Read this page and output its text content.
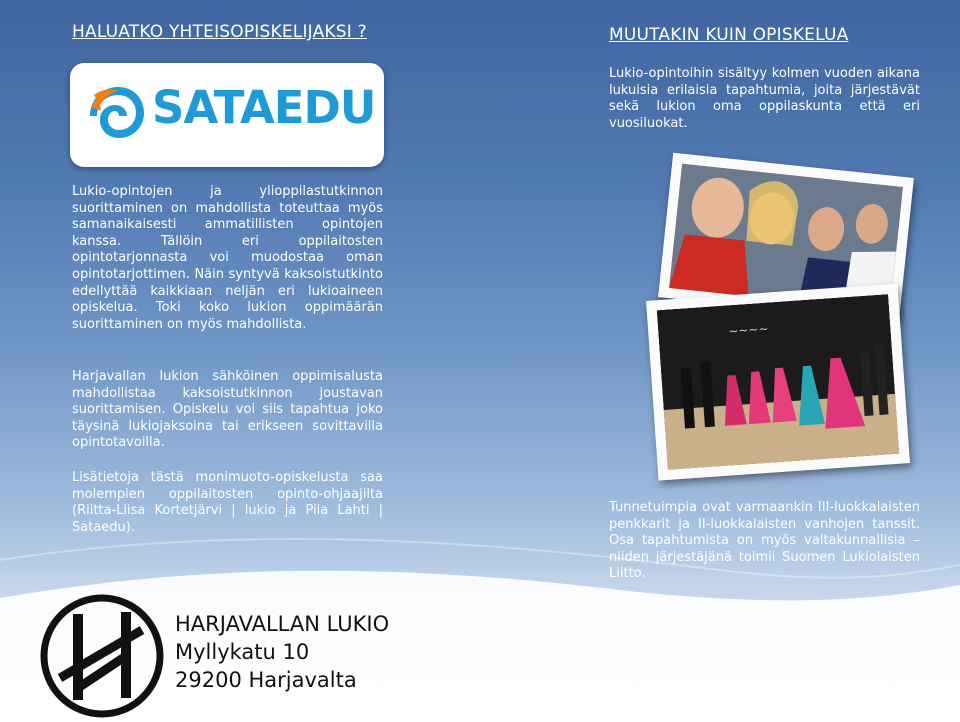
HALUATKO YHTEISOPISKELIJAKSI ?
SATAEDU

Lukio-opintojen ja ylioppilastutkinnon suorittaminen on mahdollista toteuttaa myös samanaikaisesti ammatillisten opintojen kanssa. Tällöin eri oppilaitosten opintotarjonnasta voi muodostaa oman opintotarjottimen. Näin syntyvä kaksoistutkinto edellyttää kaikkiaan neljän eri lukioaineen opiskelua. Toki koko lukion oppimäärän suorittaminen on myös mahdollista.

Harjavallan lukion sähköinen oppimisalusta mahdollistaa kaksoistutkinnon joustavan suorittamisen. Opiskelu voi siis tapahtua joko täysinä lukiojaksoina tai erikseen sovittavilla opintotavoilla.

Lisätietoja tästä monimuoto-opiskelusta saa molempien oppilaitosten opinto-ohjaajilta (Riitta-Liisa Kortetjärvi | lukio ja Piia Lahti | Sataedu).

MUUTAKIN KUIN OPISKELUA

Lukio-opintoihin sisältyy kolmen vuoden aikana lukuisia erilaisia tapahtumia, joita järjestävät sekä lukion oma oppilaskunta että eri vuosiluokat.

~~~~

Tunnetuimpia ovat varmaankin III-luokkalaisten penkkarit ja II-luokkalaisten vanhojen tanssit. Osa tapahtumista on myös valtakunnallisia – niiden järjestäjänä toimii Suomen Lukiolaisten Liitto.

HARJAVALLAN LUKIO
Myllykatu 10
29200 Harjavalta
